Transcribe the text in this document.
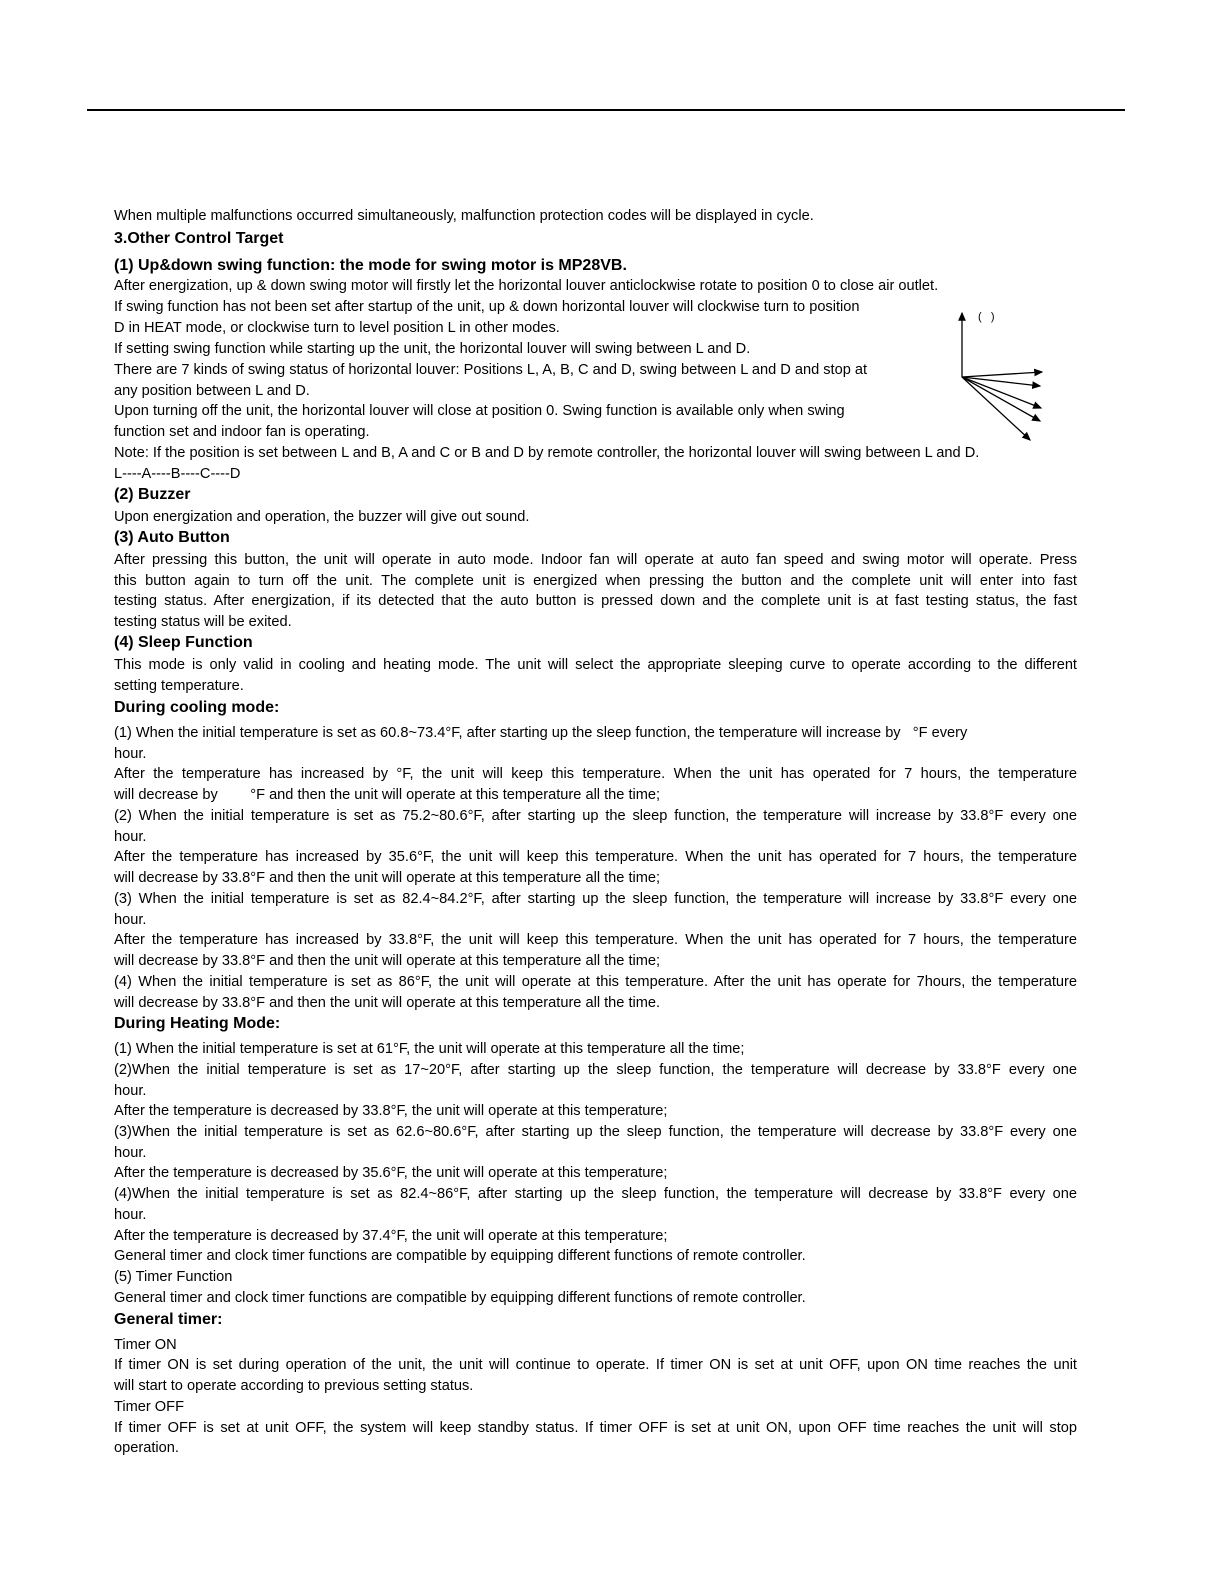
When multiple malfunctions occurred simultaneously, malfunction protection codes will be displayed in cycle.
3.Other Control Target
(1) Up&down swing function: the mode for swing motor is MP28VB.
After energization, up & down swing motor will firstly let the horizontal louver anticlockwise rotate to position 0 to close air outlet.
If swing function has not been set after startup of the unit, up & down horizontal louver will clockwise turn to position
D in HEAT mode, or clockwise turn to level position L in other modes.
If setting swing function while starting up the unit, the horizontal louver will swing between L and D.
There are 7 kinds of swing status of horizontal louver: Positions L, A, B, C and D, swing between L and D and stop at
any position between L and D.
Upon turning off the unit, the horizontal louver will close at position 0. Swing function is available only when swing
function set and indoor fan is operating.
Note: If the position is set between L and B, A and C or B and D by remote controller, the horizontal louver will swing between L and D.
L----A----B----C----D
(2) Buzzer
Upon energization and operation, the buzzer will give out sound.
(3) Auto Button
After pressing this button, the unit will operate in auto mode. Indoor fan will operate at auto fan speed and swing motor will operate. Press
this button again to turn off the unit. The complete unit is energized when pressing the button and the complete unit will enter into fast
testing status. After energization, if its detected that the auto button is pressed down and the complete unit is at fast testing status, the fast
testing status will be exited.
(4) Sleep Function
This mode is only valid in cooling and heating mode. The unit will select the appropriate sleeping curve to operate according to the different
setting temperature.
During cooling mode:
(1) When the initial temperature is set as 60.8~73.4°F, after starting up the sleep function, the temperature will increase by   °F every
hour.
After the temperature has increased by °F, the unit will keep this temperature. When the unit has operated for 7 hours, the temperature
will decrease by        °F and then the unit will operate at this temperature all the time;
(2) When the initial temperature is set as 75.2~80.6°F, after starting up the sleep function, the temperature will increase by 33.8°F every one
hour.
After the temperature has increased by 35.6°F, the unit will keep this temperature. When the unit has operated for 7 hours, the temperature
will decrease by 33.8°F and then the unit will operate at this temperature all the time;
(3) When the initial temperature is set as 82.4~84.2°F, after starting up the sleep function, the temperature will increase by 33.8°F every one
hour.
After the temperature has increased by 33.8°F, the unit will keep this temperature. When the unit has operated for 7 hours, the temperature
will decrease by 33.8°F and then the unit will operate at this temperature all the time;
(4) When the initial temperature is set as 86°F, the unit will operate at this temperature. After the unit has operate for 7hours, the temperature
will decrease by 33.8°F and then the unit will operate at this temperature all the time.
During Heating Mode:
(1) When the initial temperature is set at 61°F, the unit will operate at this temperature all the time;
(2)When the initial temperature is set as 17~20°F, after starting up the sleep function, the temperature will decrease by 33.8°F every one
hour.
After the temperature is decreased by 33.8°F, the unit will operate at this temperature;
(3)When the initial temperature is set as 62.6~80.6°F, after starting up the sleep function, the temperature will decrease by 33.8°F every one
hour.
After the temperature is decreased by 35.6°F, the unit will operate at this temperature;
(4)When the initial temperature is set as 82.4~86°F, after starting up the sleep function, the temperature will decrease by 33.8°F every one
hour.
After the temperature is decreased by 37.4°F, the unit will operate at this temperature;
General timer and clock timer functions are compatible by equipping different functions of remote controller.
(5) Timer Function
General timer and clock timer functions are compatible by equipping different functions of remote controller.
General timer:
Timer ON
If timer ON is set during operation of the unit, the unit will continue to operate. If timer ON is set at unit OFF, upon ON time reaches the unit
will start to operate according to previous setting status.
Timer OFF
If timer OFF is set at unit OFF, the system will keep standby status. If timer OFF is set at unit ON, upon OFF time reaches the unit will stop
operation.
(   )
